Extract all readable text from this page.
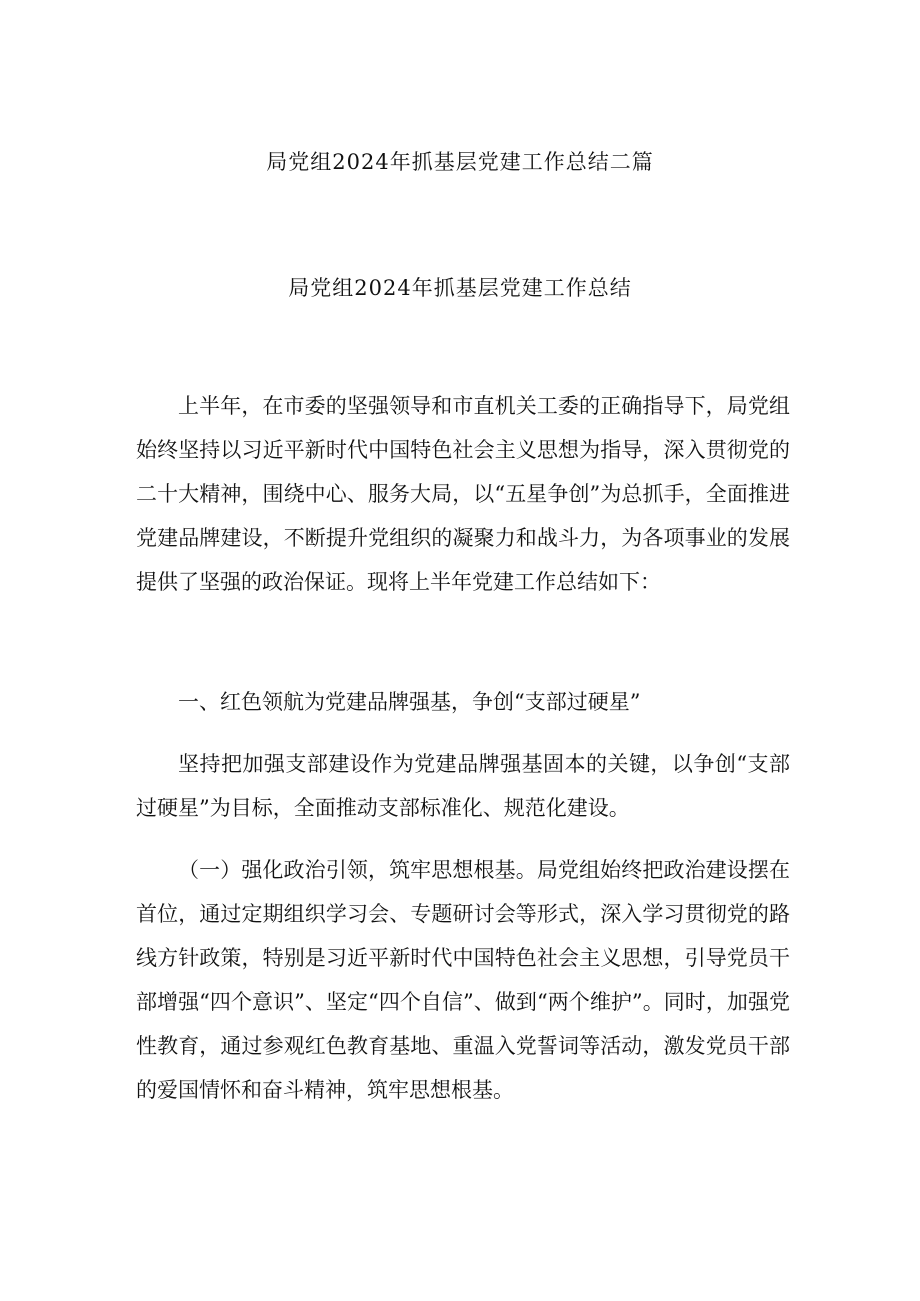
局党组2024年抓基层党建工作总结二篇
局党组2024年抓基层党建工作总结

上半年，在市委的坚强领导和市直机关工委的正确指导下，局党组始终坚持以习近平新时代中国特色社会主义思想为指导，深入贯彻党的二十大精神，围绕中心、服务大局，以“五星争创”为总抓手，全面推进党建品牌建设，不断提升党组织的凝聚力和战斗力，为各项事业的发展提供了坚强的政治保证。现将上半年党建工作总结如下：

一、红色领航为党建品牌强基，争创“支部过硬星”

坚持把加强支部建设作为党建品牌强基固本的关键，以争创“支部过硬星”为目标，全面推动支部标准化、规范化建设。

（一）强化政治引领，筑牢思想根基。局党组始终把政治建设摆在首位，通过定期组织学习会、专题研讨会等形式，深入学习贯彻党的路线方针政策，特别是习近平新时代中国特色社会主义思想，引导党员干部增强“四个意识”、坚定“四个自信”、做到“两个维护”。同时，加强党性教育，通过参观红色教育基地、重温入党誓词等活动，激发党员干部的爱国情怀和奋斗精神，筑牢思想根基。
